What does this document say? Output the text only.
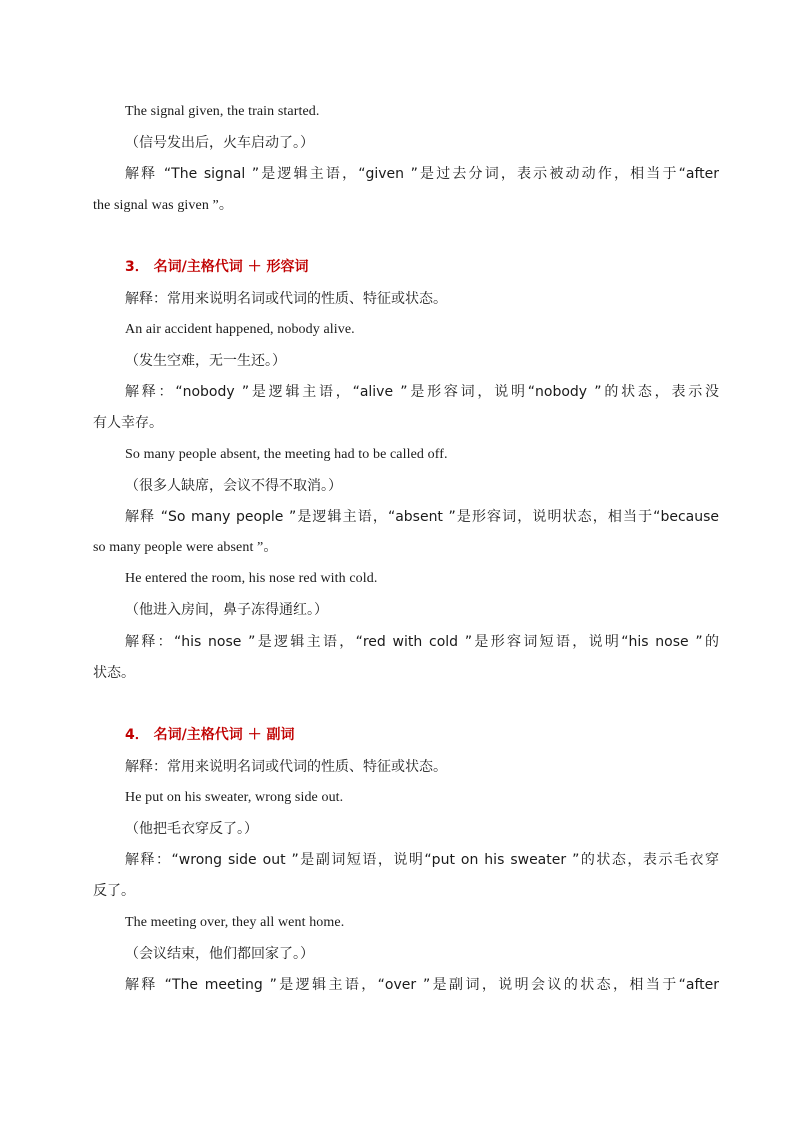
The signal given, the train started.
（信号发出后，火车启动了。）
解释 “The signal ”是逻辑主语，“given ”是过去分词，表示被动动作，相当于“after
the signal was given ”。
3． 名词/主格代词 ＋ 形容词
解释：常用来说明名词或代词的性质、特征或状态。
An air accident happened, nobody alive.
（发生空难，无一生还。）
解释：“nobody ”是逻辑主语，“alive ”是形容词，说明“nobody ”的状态，表示没
有人幸存。
So many people absent, the meeting had to be called off.
（很多人缺席，会议不得不取消。）
解释 “So many people ”是逻辑主语，“absent ”是形容词，说明状态，相当于“because
so many people were absent ”。
He entered the room, his nose red with cold.
（他进入房间，鼻子冻得通红。）
解释：“his nose ”是逻辑主语，“red with cold ”是形容词短语，说明“his nose ”的
状态。
4． 名词/主格代词 ＋ 副词
解释：常用来说明名词或代词的性质、特征或状态。
He put on his sweater, wrong side out.
（他把毛衣穿反了。）
解释：“wrong side out ”是副词短语，说明“put on his sweater ”的状态，表示毛衣穿
反了。
The meeting over, they all went home.
（会议结束，他们都回家了。）
解释 “The meeting ”是逻辑主语，“over ”是副词，说明会议的状态，相当于“after
